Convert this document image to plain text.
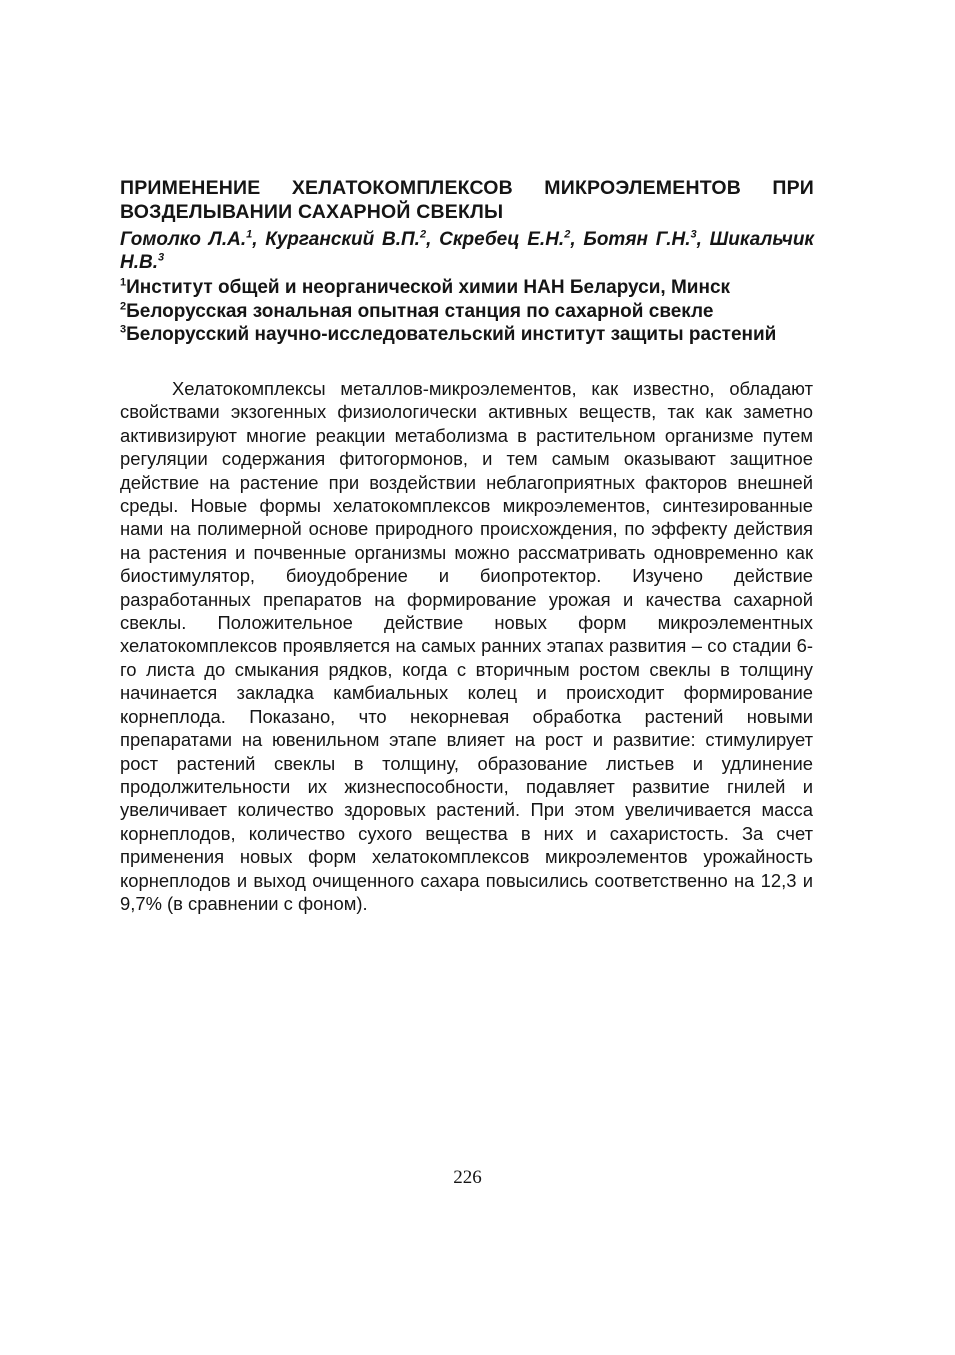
ПРИМЕНЕНИЕ ХЕЛАТОКОМПЛЕКСОВ МИКРОЭЛЕМЕНТОВ ПРИ ВОЗДЕЛЫВАНИИ САХАРНОЙ СВЕКЛЫ

Гомолко Л.А.$^1$, Курганский В.П.$^2$, Скребец Е.Н.$^2$, Ботян Г.Н.$^3$, Шикальчик Н.В.$^3$

$^1$Институт общей и неорганической химии НАН Беларуси, Минск
$^2$Белорусская зональная опытная станция по сахарной свекле
$^3$Белорусский научно-исследовательский институт защиты растений

Хелатокомплексы металлов-микроэлементов, как известно, обладают свойствами экзогенных физиологически активных веществ, так как заметно активизируют многие реакции метаболизма в растительном организме путем регуляции содержания фитогормонов, и тем самым оказывают защитное действие на растение при воздействии неблагоприятных факторов внешней среды. Новые формы хелатокомплексов микроэлементов, синтезированные нами на полимерной основе природного происхождения, по эффекту действия на растения и почвенные организмы можно рассматривать одновременно как биостимулятор, биоудобрение и биопротектор. Изучено действие разработанных препаратов на формирование урожая и качества сахарной свеклы. Положительное действие новых форм микроэлементных хелатокомплексов проявляется на самых ранних этапах развития – со стадии 6-го листа до смыкания рядков, когда с вторичным ростом свеклы в толщину начинается закладка камбиальных колец и происходит формирование корнеплода. Показано, что некорневая обработка растений новыми препаратами на ювенильном этапе влияет на рост и развитие: стимулирует рост растений свеклы в толщину, образование листьев и удлинение продолжительности их жизнеспособности, подавляет развитие гнилей и увеличивает количество здоровых растений. При этом увеличивается масса корнеплодов, количество сухого вещества в них и сахаристость. За счет применения новых форм хелатокомплексов микроэлементов урожайность корнеплодов и выход очищенного сахара повысились соответственно на 12,3 и 9,7% (в сравнении с фоном).

226
